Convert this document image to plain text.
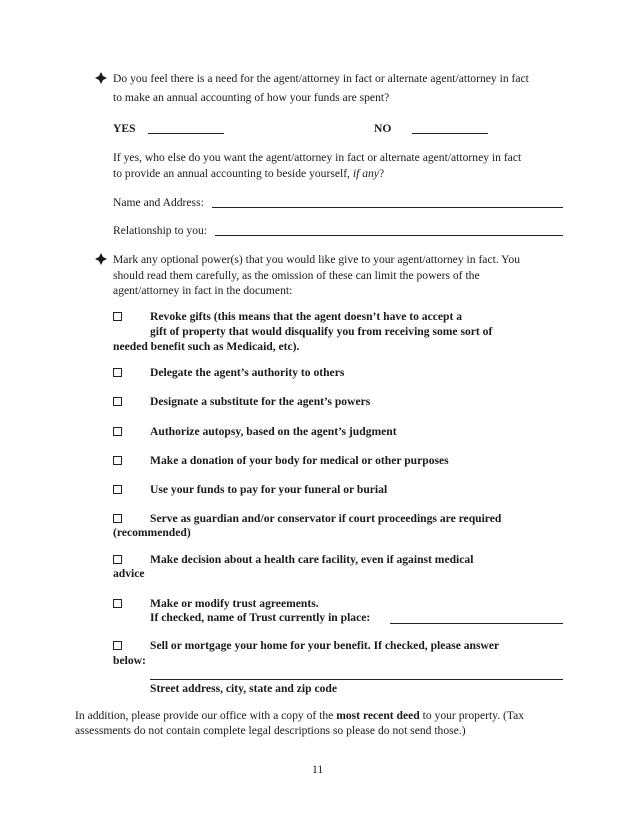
Do you feel there is a need for the agent/attorney in fact or alternate agent/attorney in fact
to make an annual accounting of how your funds are spent?
YES	NO
If yes, who else do you want the agent/attorney in fact or alternate agent/attorney in fact
to provide an annual accounting to beside yourself, if any?
Name and Address:
Relationship to you:
Mark any optional power(s) that you would like give to your agent/attorney in fact. You
should read them carefully, as the omission of these can limit the powers of the
agent/attorney in fact in the document:
Revoke gifts (this means that the agent doesn’t have to accept a
gift of property that would disqualify you from receiving some sort of
needed benefit such as Medicaid, etc).
Delegate the agent’s authority to others
Designate a substitute for the agent’s powers
Authorize autopsy, based on the agent’s judgment
Make a donation of your body for medical or other purposes
Use your funds to pay for your funeral or burial
Serve as guardian and/or conservator if court proceedings are required
(recommended)
Make decision about a health care facility, even if against medical
advice
Make or modify trust agreements.
If checked, name of Trust currently in place:
Sell or mortgage your home for your benefit. If checked, please answer
below:
Street address, city, state and zip code
In addition, please provide our office with a copy of the most recent deed to your property. (Tax
assessments do not contain complete legal descriptions so please do not send those.)
11
